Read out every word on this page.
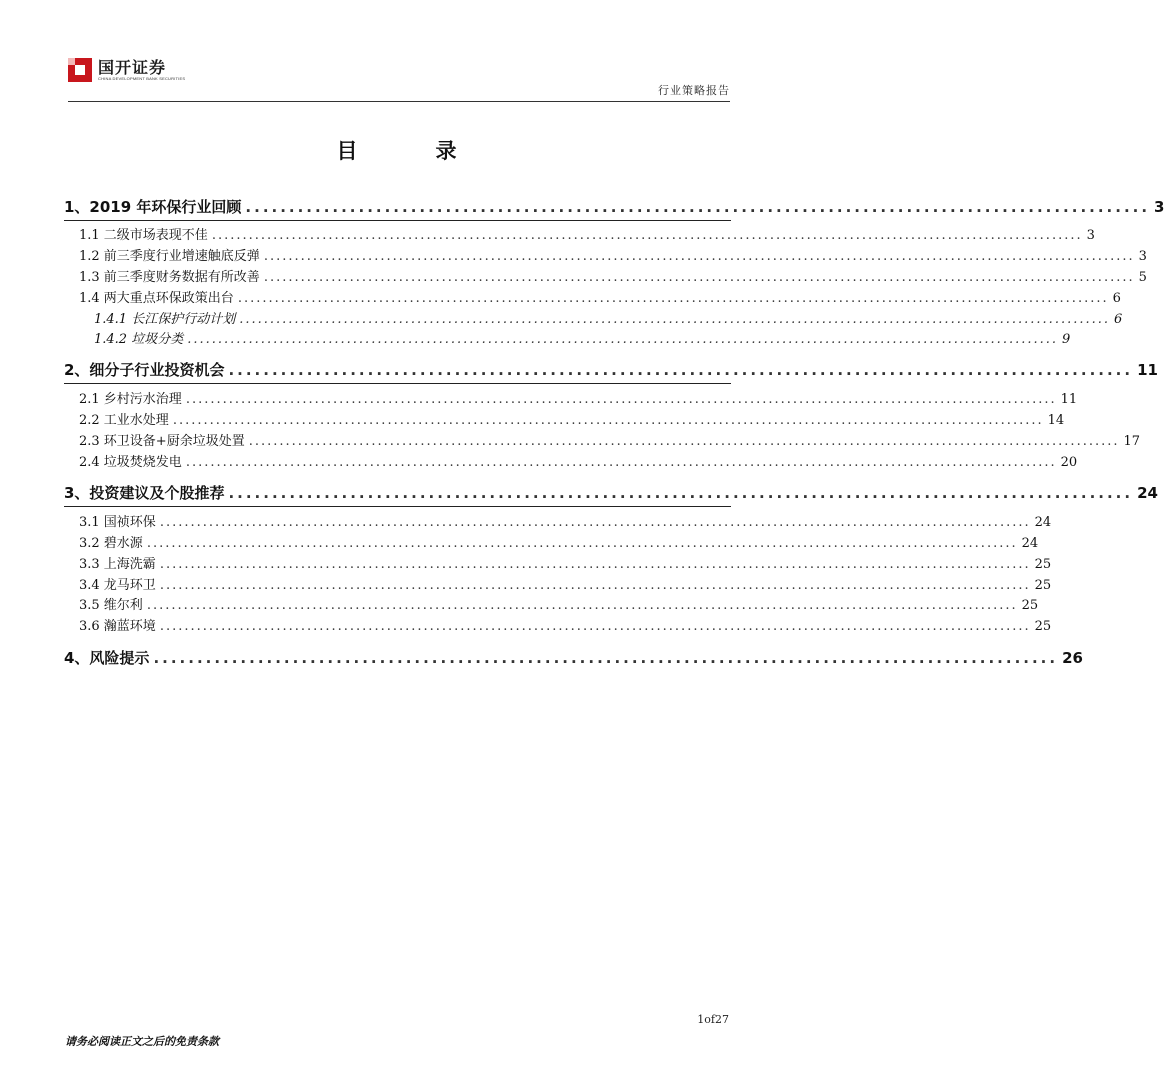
国开证券
CHINA DEVELOPMENT BANK SECURITIES
行业策略报告
目	录
1、2019 年环保行业回顾 ........................................................................................................ 3
1.1 二级市场表现不佳 .............................................................................................................................................. 3
1.2 前三季度行业增速触底反弹 .............................................................................................................................................. 3
1.3 前三季度财务数据有所改善 .............................................................................................................................................. 5
1.4 两大重点环保政策出台 .............................................................................................................................................. 6
1.4.1 长江保护行动计划 .............................................................................................................................................. 6
1.4.2 垃圾分类 .............................................................................................................................................. 9
2、细分子行业投资机会 ........................................................................................................ 11
2.1 乡村污水治理 .............................................................................................................................................. 11
2.2 工业水处理 .............................................................................................................................................. 14
2.3 环卫设备+厨余垃圾处置 .............................................................................................................................................. 17
2.4 垃圾焚烧发电 .............................................................................................................................................. 20
3、投资建议及个股推荐 ........................................................................................................ 24
3.1 国祯环保 .............................................................................................................................................. 24
3.2 碧水源 .............................................................................................................................................. 24
3.3 上海洗霸 .............................................................................................................................................. 25
3.4 龙马环卫 .............................................................................................................................................. 25
3.5 维尔利 .............................................................................................................................................. 25
3.6 瀚蓝环境 .............................................................................................................................................. 25
4、风险提示 ........................................................................................................ 26
1of27
请务必阅读正文之后的免责条款
